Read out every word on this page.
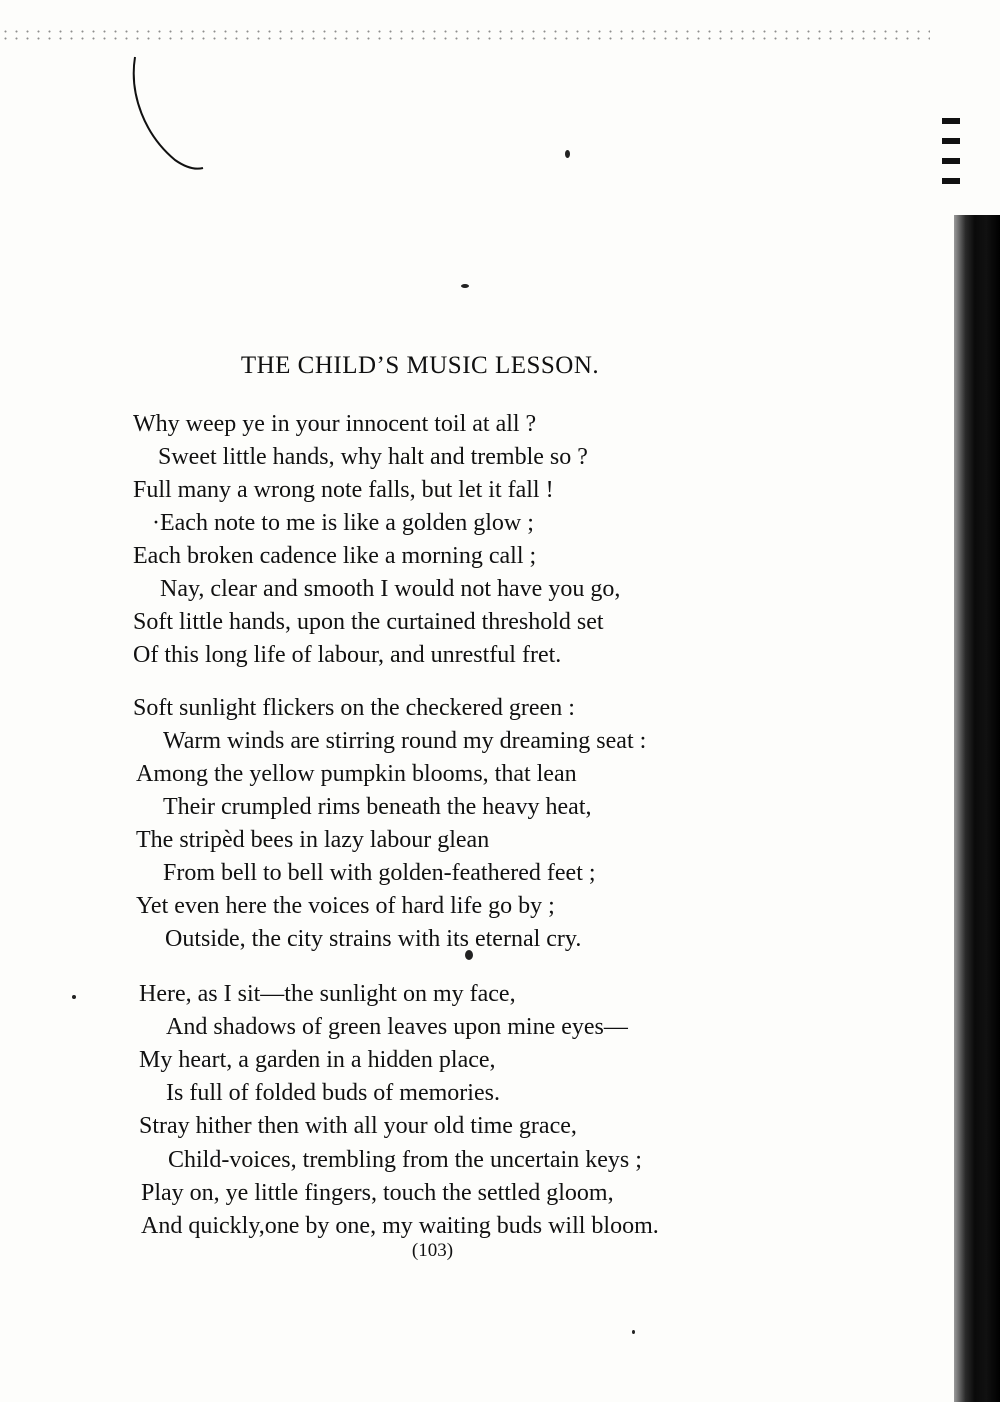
THE CHILD’S MUSIC LESSON.
Why weep ye in your innocent toil at all ?
Sweet little hands, why halt and tremble so ?
Full many a wrong note falls, but let it fall !
·Each note to me is like a golden glow ;
Each broken cadence like a morning call ;
Nay, clear and smooth I would not have you go,
Soft little hands, upon the curtained threshold set
Of this long life of labour, and unrestful fret.
Soft sunlight flickers on the checkered green :
Warm winds are stirring round my dreaming seat :
Among the yellow pumpkin blooms, that lean
Their crumpled rims beneath the heavy heat,
The stripèd bees in lazy labour glean
From bell to bell with golden-feathered feet ;
Yet even here the voices of hard life go by ;
Outside, the city strains with its eternal cry.
Here, as I sit—the sunlight on my face,
And shadows of green leaves upon mine eyes—
My heart, a garden in a hidden place,
Is full of folded buds of memories.
Stray hither then with all your old time grace,
Child-voices, trembling from the uncertain keys ;
Play on, ye little fingers, touch the settled gloom,
And quickly,one by one, my waiting buds will bloom.
(103)
